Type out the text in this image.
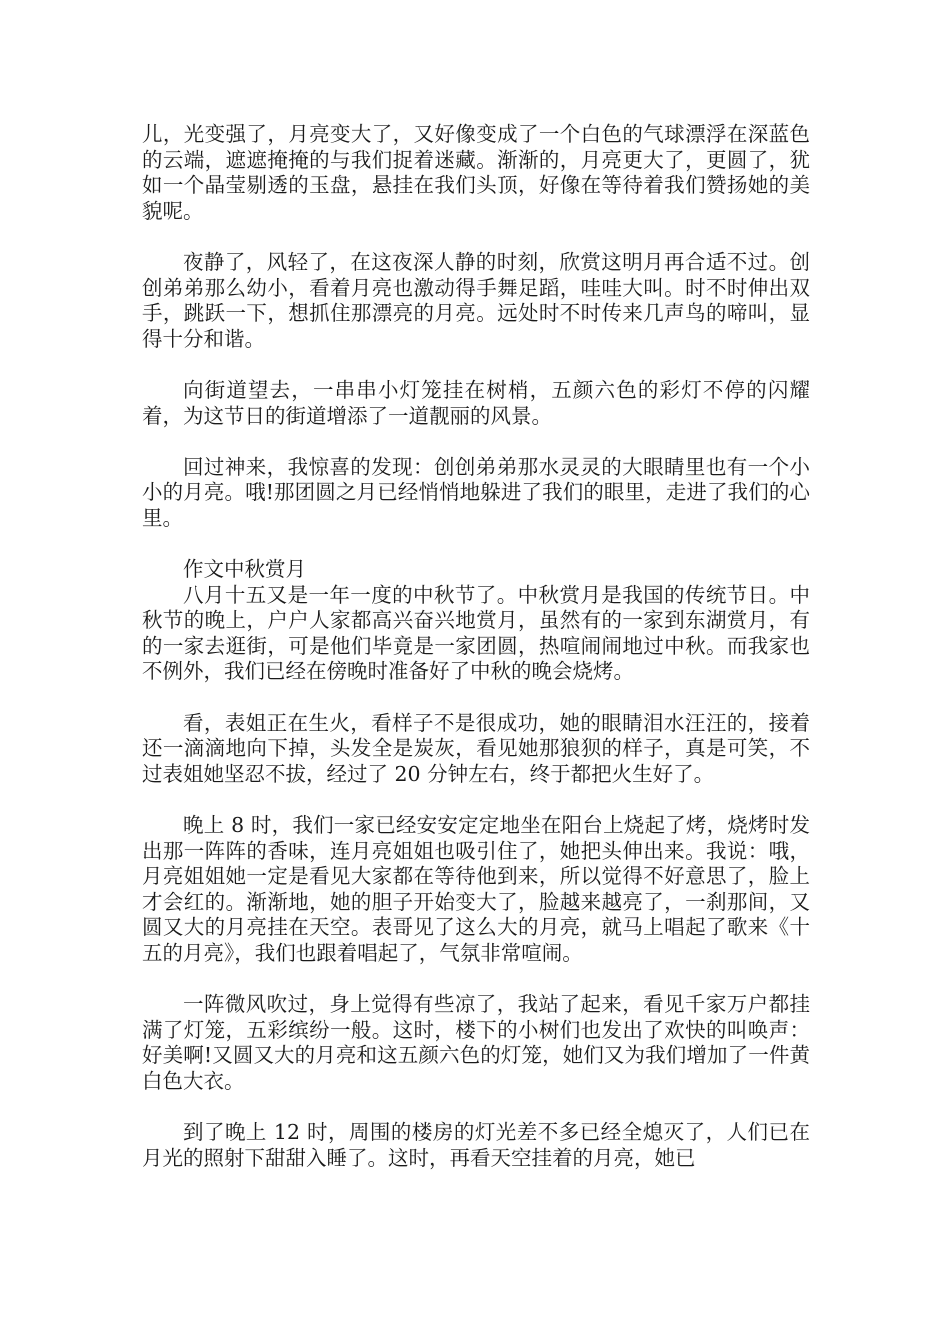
儿，光变强了，月亮变大了，又好像变成了一个白色的气球漂浮在深蓝色的云端，遮遮掩掩的与我们捉着迷藏。渐渐的，月亮更大了，更圆了，犹如一个晶莹剔透的玉盘，悬挂在我们头顶，好像在等待着我们赞扬她的美貌呢。

夜静了，风轻了，在这夜深人静的时刻，欣赏这明月再合适不过。创创弟弟那么幼小，看着月亮也激动得手舞足蹈，哇哇大叫。时不时伸出双手，跳跃一下，想抓住那漂亮的月亮。远处时不时传来几声鸟的啼叫，显得十分和谐。

向街道望去，一串串小灯笼挂在树梢，五颜六色的彩灯不停的闪耀着，为这节日的街道增添了一道靓丽的风景。

回过神来，我惊喜的发现：创创弟弟那水灵灵的大眼睛里也有一个小小的月亮。哦!那团圆之月已经悄悄地躲进了我们的眼里，走进了我们的心里。

作文中秋赏月

八月十五又是一年一度的中秋节了。中秋赏月是我国的传统节日。中秋节的晚上，户户人家都高兴奋兴地赏月，虽然有的一家到东湖赏月，有的一家去逛街，可是他们毕竟是一家团圆，热喧闹闹地过中秋。而我家也不例外，我们已经在傍晚时准备好了中秋的晚会烧烤。

看，表姐正在生火，看样子不是很成功，她的眼睛泪水汪汪的，接着还一滴滴地向下掉，头发全是炭灰，看见她那狼狈的样子，真是可笑，不过表姐她坚忍不拔，经过了 20 分钟左右，终于都把火生好了。

晚上 8 时，我们一家已经安安定定地坐在阳台上烧起了烤，烧烤时发出那一阵阵的香味，连月亮姐姐也吸引住了，她把头伸出来。我说：哦，月亮姐姐她一定是看见大家都在等待他到来，所以觉得不好意思了，脸上才会红的。渐渐地，她的胆子开始变大了，脸越来越亮了，一刹那间，又圆又大的月亮挂在天空。表哥见了这么大的月亮，就马上唱起了歌来《十五的月亮》，我们也跟着唱起了，气氛非常喧闹。

一阵微风吹过，身上觉得有些凉了，我站了起来，看见千家万户都挂满了灯笼，五彩缤纷一般。这时，楼下的小树们也发出了欢快的叫唤声：好美啊!又圆又大的月亮和这五颜六色的灯笼，她们又为我们增加了一件黄白色大衣。

到了晚上 12 时，周围的楼房的灯光差不多已经全熄灭了，人们已在月光的照射下甜甜入睡了。这时，再看天空挂着的月亮，她已
